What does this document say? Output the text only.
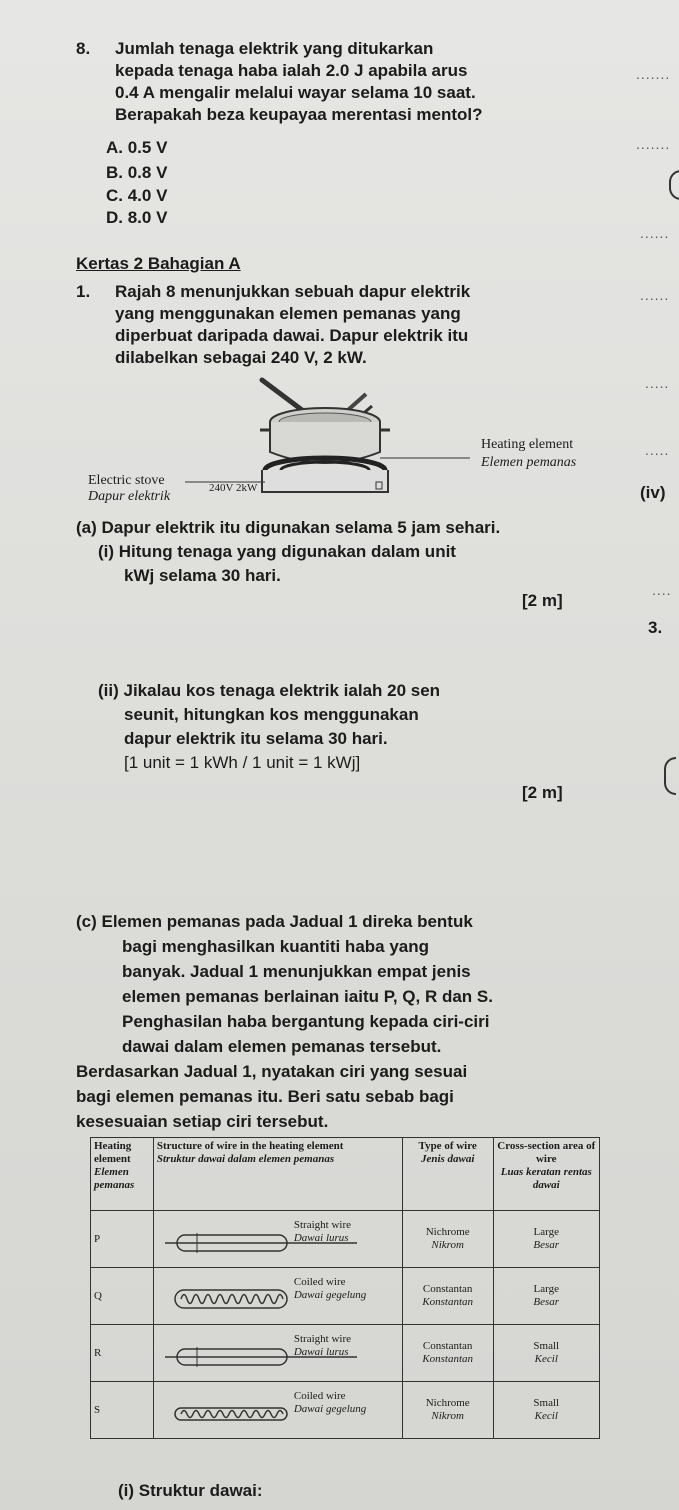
8. Jumlah tenaga elektrik yang ditukarkan
kepada tenaga haba ialah 2.0 J apabila arus
0.4 A mengalir melalui wayar selama 10 saat.
Berapakah beza keupayaa merentasi mentol?
A. 0.5 V
B. 0.8 V
C. 4.0 V
D. 8.0 V
.......
.......
......
......
.....
.....
....
Kertas 2 Bahagian A
1. Rajah 8 menunjukkan sebuah dapur elektrik
yang menggunakan elemen pemanas yang
diperbuat daripada dawai. Dapur elektrik itu
dilabelkan sebagai 240 V, 2 kW.
240V 2kW
Heating element
Elemen pemanas
Electric stove
Dapur elektrik	(iv)
(a) Dapur elektrik itu digunakan selama 5 jam sehari.
(i) Hitung tenaga yang digunakan dalam unit
kWj selama 30 hari.
[2 m]
3.
(ii) Jikalau kos tenaga elektrik ialah 20 sen
seunit, hitungkan kos menggunakan
dapur elektrik itu selama 30 hari.
[1 unit = 1 kWh / 1 unit = 1 kWj]
[2 m]
(c) Elemen pemanas pada Jadual 1 direka bentuk
bagi menghasilkan kuantiti haba yang
banyak. Jadual 1 menunjukkan empat jenis
elemen pemanas berlainan iaitu P, Q, R dan S.
Penghasilan haba bergantung kepada ciri-ciri
dawai dalam elemen pemanas tersebut.
Berdasarkan Jadual 1, nyatakan ciri yang sesuai
bagi elemen pemanas itu. Beri satu sebab bagi
kesesuaian setiap ciri tersebut.
Heating element
Elemen pemanas	Structure of wire in the heating element
Struktur dawai dalam elemen pemanas	Type of wire
Jenis dawai	Cross-section area of wire
Luas keratan rentas dawai

P	Straight wire
Dawai lurus	Nichrome
Nikrom	Large
Besar

Q	Coiled wire
Dawai gegelung	Constantan
Konstantan	Large
Besar

R	Straight wire
Dawai lurus	Constantan
Konstantan	Small
Kecil

S	Coiled wire
Dawai gegelung	Nichrome
Nikrom	Small
Kecil
(i) Struktur dawai:
